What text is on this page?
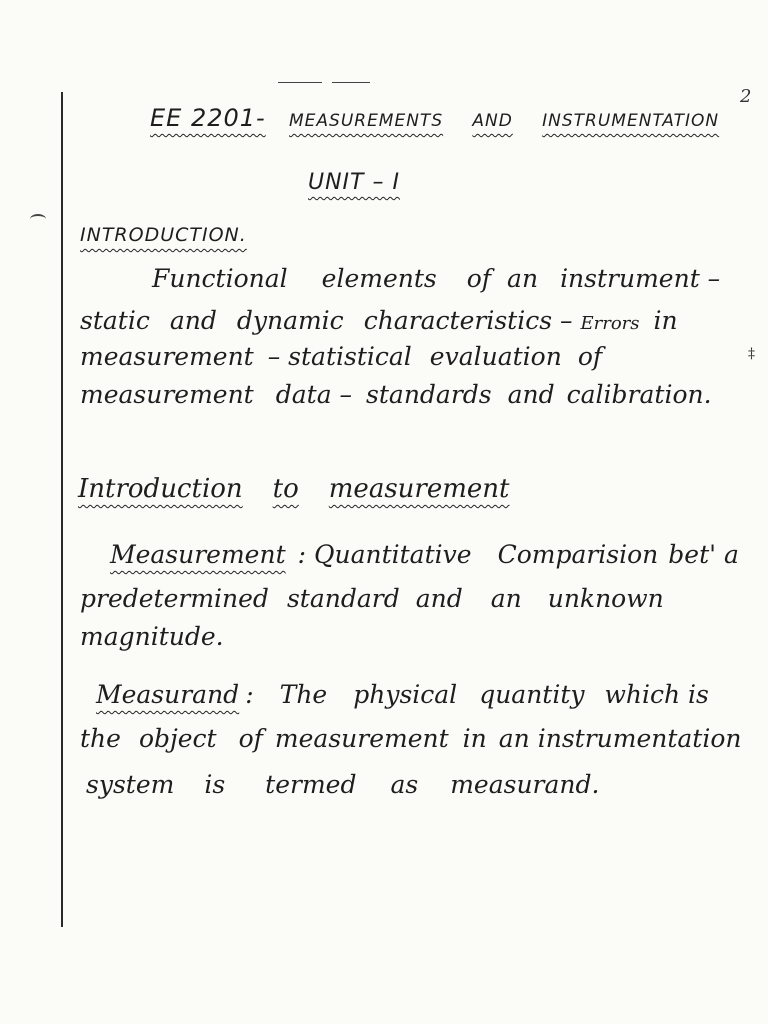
2
EE 2201- MEASUREMENTS AND INSTRUMENTATION
UNIT – I
INTRODUCTION.
Functional elements of an instrument –
static and dynamic characteristics – Errors in
measurement – statistical evaluation of	‡
measurement data – standards and calibration.
Introduction to measurement
Measurement : Quantitative Comparision bet' a
predetermined standard and an unknown
magnitude.
Measurand : The physical quantity which is
the object of measurement in an instrumentation
system is termed as measurand.
